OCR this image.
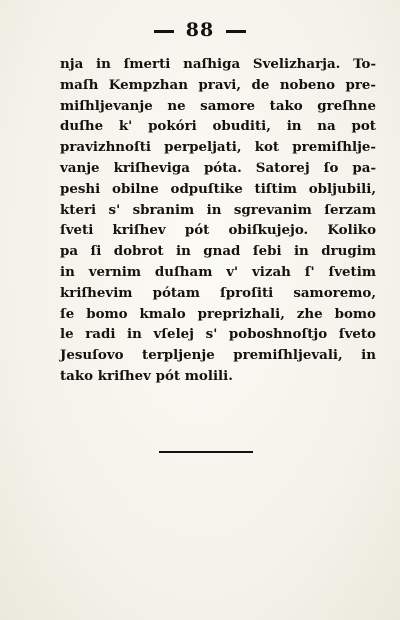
88
nja in ſmerti naſhiga Svelizharja. To-
maſh Kempzhan pravi, de nobeno pre-
miſhljevanje ne samore tako greſhne
duſhe k' pokóri obuditi, in na pot
pravizhnoſti perpeljati, kot premiſhlje-
vanje kriſheviga póta. Satorej ſo pa-
peshi obilne odpuſtike tiſtim obljubili,
kteri s' sbranim in sgrevanim ſerzam
ſveti kriſhev pót obiſkujejo. Koliko
pa ſi dobrot in gnad ſebi in drugim
in vernim duſham v' vizah ſ' ſvetim
kriſhevim pótam ſproſiti samoremo,
ſe bomo kmalo preprizhali, zhe bomo
le radi in vſelej s' poboshnoſtjo ſveto
Jesuſovo terpljenje premiſhljevali, in
tako kriſhev pót molili.
